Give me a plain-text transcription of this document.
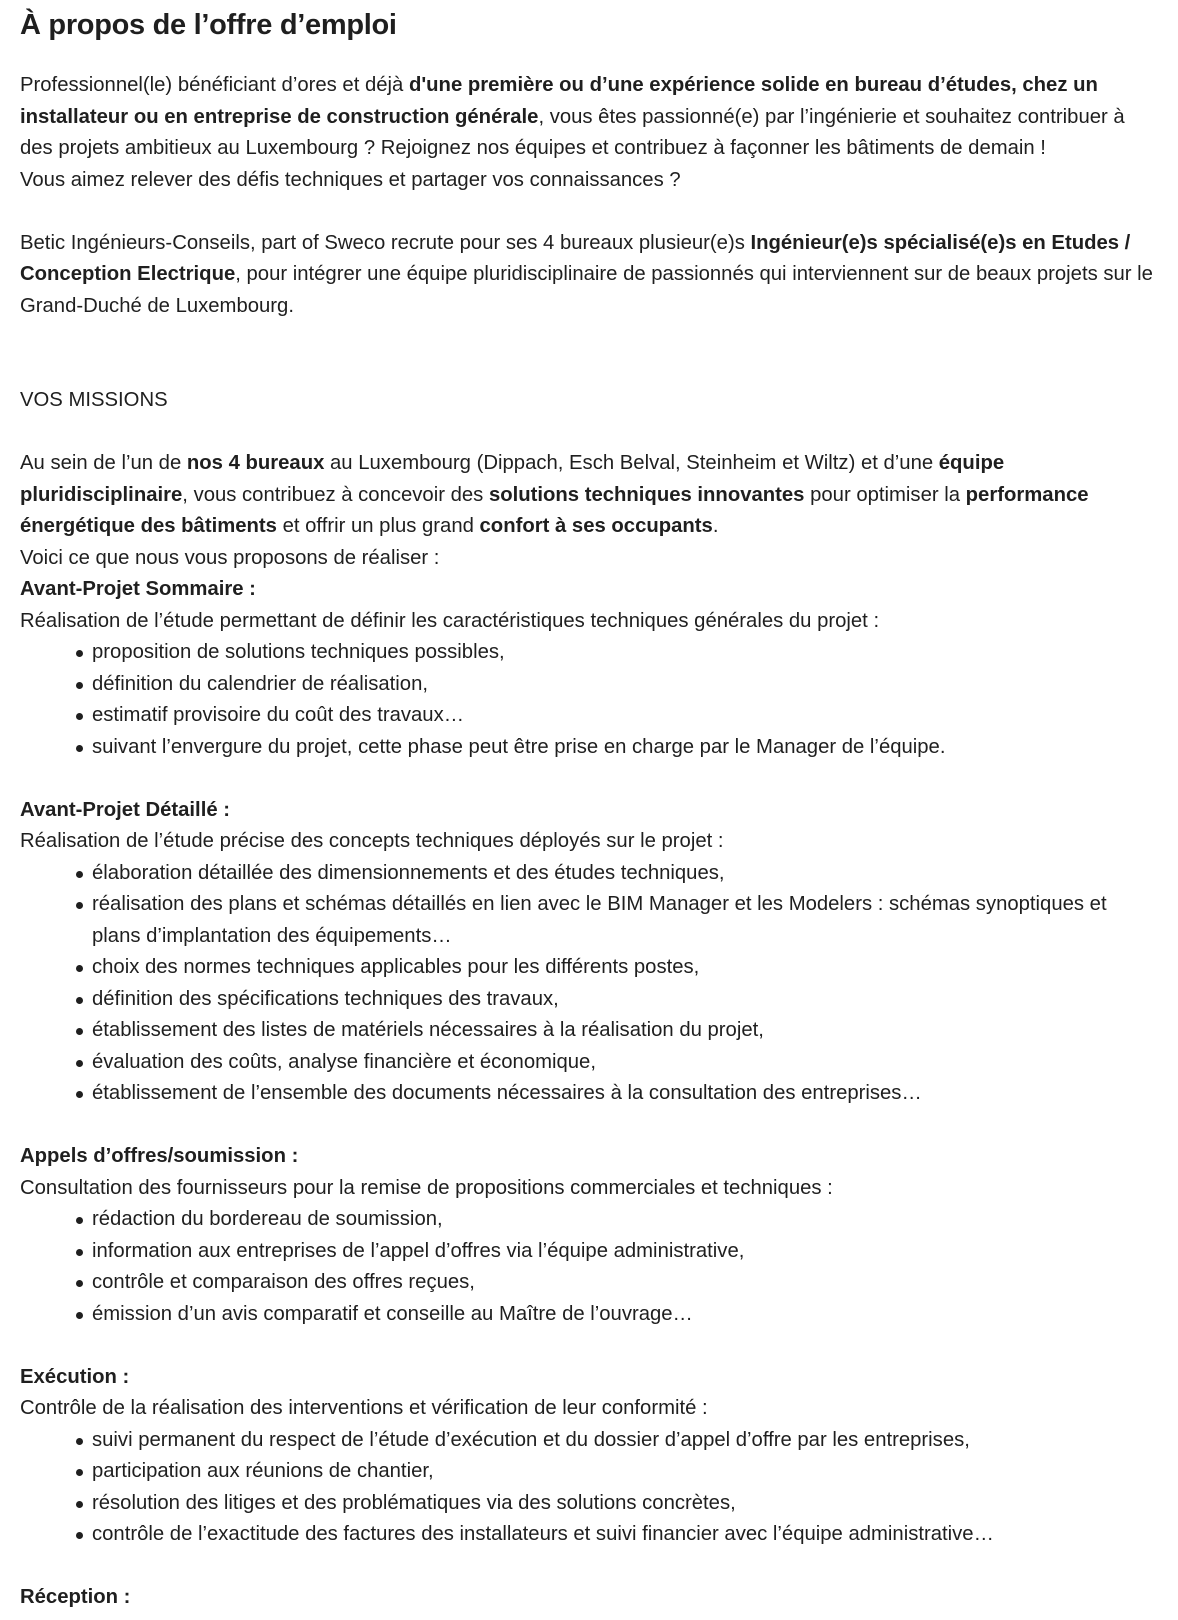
À propos de l’offre d’emploi

Professionnel(le) bénéficiant d’ores et déjà d'une première ou d’une expérience solide en bureau d’études, chez un installateur ou en entreprise de construction générale, vous êtes passionné(e) par l’ingénierie et souhaitez contribuer à des projets ambitieux au Luxembourg ? Rejoignez nos équipes et contribuez à façonner les bâtiments de demain !

Vous aimez relever des défis techniques et partager vos connaissances ?

Betic Ingénieurs-Conseils, part of Sweco recrute pour ses 4 bureaux plusieur(e)s Ingénieur(e)s spécialisé(e)s en Etudes / Conception Electrique, pour intégrer une équipe pluridisciplinaire de passionnés qui interviennent sur de beaux projets sur le Grand-Duché de Luxembourg.

VOS MISSIONS

Au sein de l’un de nos 4 bureaux au Luxembourg (Dippach, Esch Belval, Steinheim et Wiltz) et d’une équipe pluridisciplinaire, vous contribuez à concevoir des solutions techniques innovantes pour optimiser la performance énergétique des bâtiments et offrir un plus grand confort à ses occupants.

Voici ce que nous vous proposons de réaliser :

Avant-Projet Sommaire :

Réalisation de l’étude permettant de définir les caractéristiques techniques générales du projet :

proposition de solutions techniques possibles,
définition du calendrier de réalisation,
estimatif provisoire du coût des travaux…
suivant l’envergure du projet, cette phase peut être prise en charge par le Manager de l’équipe.

Avant-Projet Détaillé :

Réalisation de l’étude précise des concepts techniques déployés sur le projet :

élaboration détaillée des dimensionnements et des études techniques,
réalisation des plans et schémas détaillés en lien avec le BIM Manager et les Modelers : schémas synoptiques et plans d’implantation des équipements…
choix des normes techniques applicables pour les différents postes,
définition des spécifications techniques des travaux,
établissement des listes de matériels nécessaires à la réalisation du projet,
évaluation des coûts, analyse financière et économique,
établissement de l’ensemble des documents nécessaires à la consultation des entreprises…

Appels d’offres/soumission :

Consultation des fournisseurs pour la remise de propositions commerciales et techniques :

rédaction du bordereau de soumission,
information aux entreprises de l’appel d’offres via l’équipe administrative,
contrôle et comparaison des offres reçues,
émission d’un avis comparatif et conseille au Maître de l’ouvrage…

Exécution :

Contrôle de la réalisation des interventions et vérification de leur conformité :

suivi permanent du respect de l’étude d’exécution et du dossier d’appel d’offre par les entreprises,
participation aux réunions de chantier,
résolution des litiges et des problématiques via des solutions concrètes,
contrôle de l’exactitude des factures des installateurs et suivi financier avec l’équipe administrative…

Réception :
